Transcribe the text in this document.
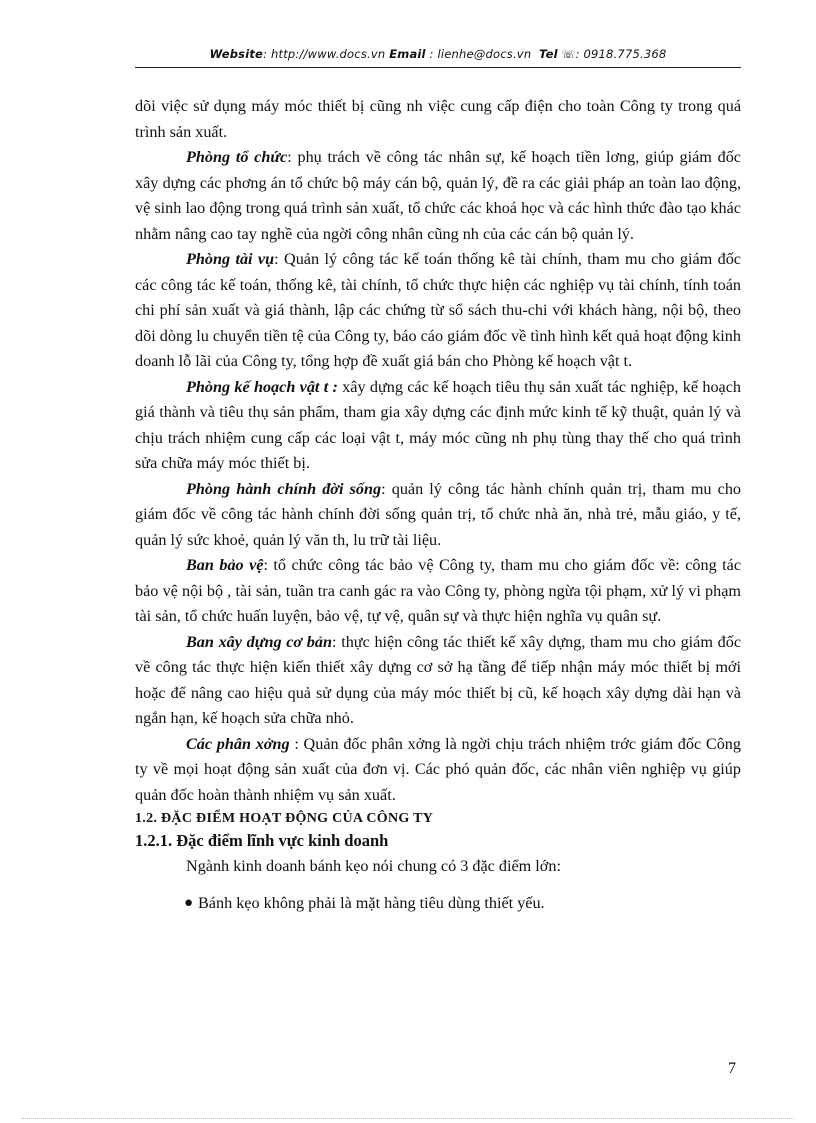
Website: http://www.docs.vn Email : lienhe@docs.vn Tel ☏: 0918.775.368

dõi việc sử dụng máy móc thiết bị cũng nh việc cung cấp điện cho toàn Công ty trong quá trình sản xuất.

Phòng tổ chức: phụ trách về công tác nhân sự, kế hoạch tiền lơng, giúp giám đốc xây dựng các phơng án tổ chức bộ máy cán bộ, quản lý, đề ra các giải pháp an toàn lao động, vệ sinh lao động trong quá trình sản xuất, tổ chức các khoá học và các hình thức đào tạo khác nhằm nâng cao tay nghề của ngời công nhân cũng nh của các cán bộ quản lý.

Phòng tài vụ: Quản lý công tác kế toán thống kê tài chính, tham mu cho giám đốc các công tác kế toán, thống kê, tài chính, tổ chức thực hiện các nghiệp vụ tài chính, tính toán chi phí sản xuất và giá thành, lập các chứng từ sổ sách thu-chi với khách hàng, nội bộ, theo dõi dòng lu chuyển tiền tệ của Công ty, báo cáo giám đốc về tình hình kết quả hoạt động kinh doanh lỗ lãi của Công ty, tổng hợp đề xuất giá bán cho Phòng kế hoạch vật t.

Phòng kế hoạch vật t : xây dựng các kế hoạch tiêu thụ sản xuất tác nghiệp, kế hoạch giá thành và tiêu thụ sản phẩm, tham gia xây dựng các định mức kinh tế kỹ thuật, quản lý và chịu trách nhiệm cung cấp các loại vật t, máy móc cũng nh phụ tùng thay thế cho quá trình sửa chữa máy móc thiết bị.

Phòng hành chính đời sống: quản lý công tác hành chính quản trị, tham mu cho giám đốc về công tác hành chính đời sống quản trị, tổ chức nhà ăn, nhà trẻ, mẫu giáo, y tế, quản lý sức khoẻ, quản lý văn th, lu trữ tài liệu.

Ban bảo vệ: tổ chức công tác bảo vệ Công ty, tham mu cho giám đốc về: công tác bảo vệ nội bộ , tài sản, tuần tra canh gác ra vào Công ty, phòng ngừa tội phạm, xử lý vi phạm tài sản, tổ chức huấn luyện, bảo vệ, tự vệ, quân sự và thực hiện nghĩa vụ quân sự.

Ban xây dựng cơ bản: thực hiện công tác thiết kế xây dựng, tham mu cho giám đốc về công tác thực hiện kiến thiết xây dựng cơ sở hạ tầng để tiếp nhận máy móc thiết bị mới hoặc để nâng cao hiệu quả sử dụng của máy móc thiết bị cũ, kế hoạch xây dựng dài hạn và ngắn hạn, kế hoạch sửa chữa nhỏ.

Các phân xởng : Quản đốc phân xởng là ngời chịu trách nhiệm trớc giám đốc Công ty về mọi hoạt động sản xuất của đơn vị. Các phó quản đốc, các nhân viên nghiệp vụ giúp quản đốc hoàn thành nhiệm vụ sản xuất.

1.2. ĐẶC ĐIỂM HOẠT ĐỘNG CỦA CÔNG TY
1.2.1. Đặc điểm lĩnh vực kinh doanh

Ngành kinh doanh bánh kẹo nói chung có 3 đặc điểm lớn:

● Bánh kẹo không phải là mặt hàng tiêu dùng thiết yếu.

7
